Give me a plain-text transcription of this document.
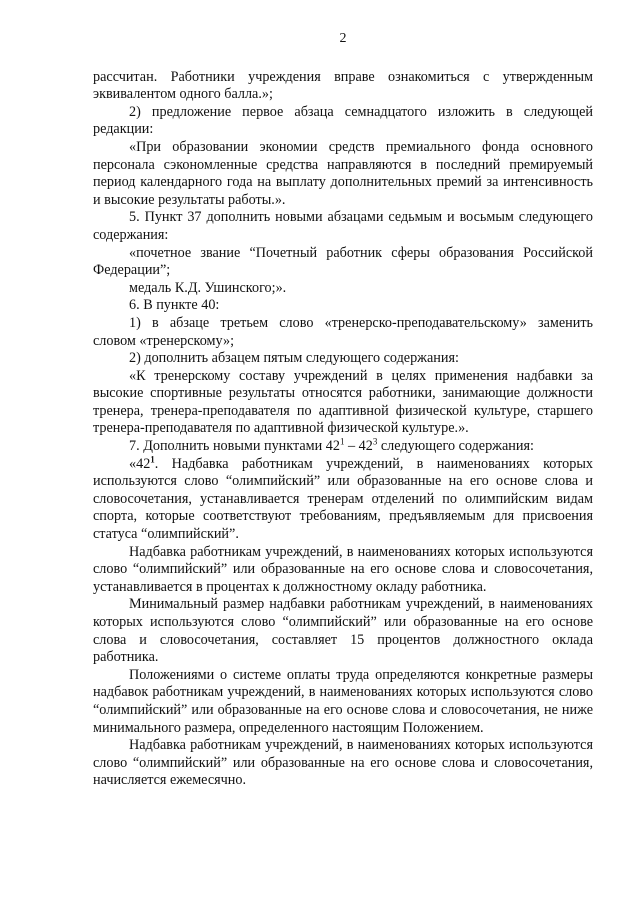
2

рассчитан. Работники учреждения вправе ознакомиться с утвержденным эквивалентом одного балла.»;

2) предложение первое абзаца семнадцатого изложить в следующей редакции:

«При образовании экономии средств премиального фонда основного персонала сэкономленные средства направляются в последний премируемый период календарного года на выплату дополнительных премий за интенсивность и высокие результаты работы.».

5. Пункт 37 дополнить новыми абзацами седьмым и восьмым следующего содержания:

«почетное звание “Почетный работник сферы образования Российской Федерации”;

медаль К.Д. Ушинского;».

6. В пункте 40:

1) в абзаце третьем слово «тренерско-преподавательскому» заменить словом «тренерскому»;

2) дополнить абзацем пятым следующего содержания:

«К тренерскому составу учреждений в целях применения надбавки за высокие спортивные результаты относятся работники, занимающие должности тренера, тренера-преподавателя по адаптивной физической культуре, старшего тренера-преподавателя по адаптивной физической культуре.».

7. Дополнить новыми пунктами $42^1 - 42^3$ следующего содержания:

«$42^1$. Надбавка работникам учреждений, в наименованиях которых используются слово “олимпийский” или образованные на его основе слова и словосочетания, устанавливается тренерам отделений по олимпийским видам спорта, которые соответствуют требованиям, предъявляемым для присвоения статуса “олимпийский”.

Надбавка работникам учреждений, в наименованиях которых используются слово “олимпийский” или образованные на его основе слова и словосочетания, устанавливается в процентах к должностному окладу работника.

Минимальный размер надбавки работникам учреждений, в наименованиях которых используются слово “олимпийский” или образованные на его основе слова и словосочетания, составляет 15 процентов должностного оклада работника.

Положениями о системе оплаты труда определяются конкретные размеры надбавок работникам учреждений, в наименованиях которых используются слово “олимпийский” или образованные на его основе слова и словосочетания, не ниже минимального размера, определенного настоящим Положением.

Надбавка работникам учреждений, в наименованиях которых используются слово “олимпийский” или образованные на его основе слова и словосочетания, начисляется ежемесячно.
